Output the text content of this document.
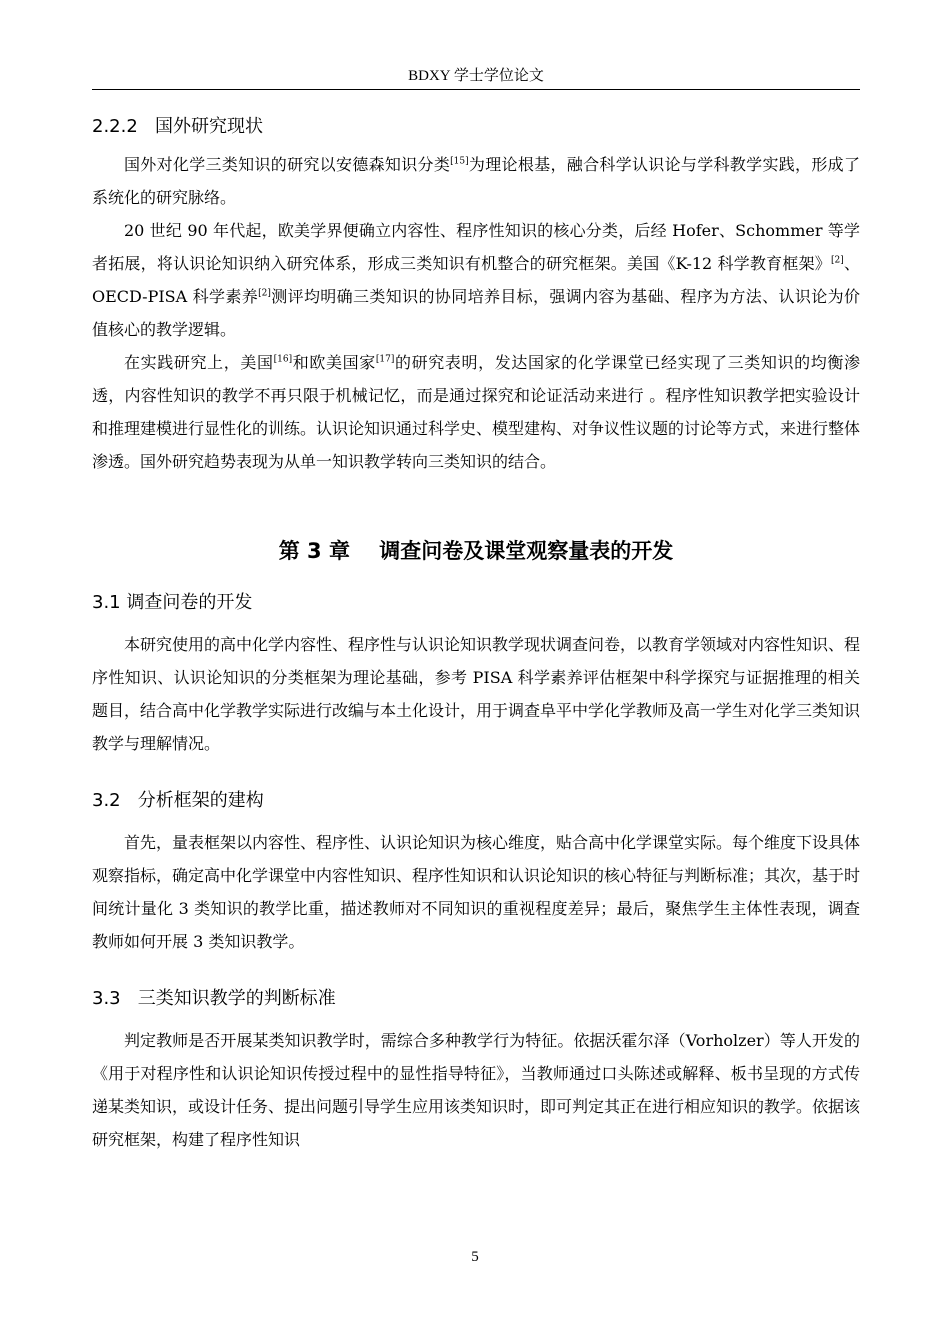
BDXY 学士学位论文
2.2.2   国外研究现状

国外对化学三类知识的研究以安德森知识分类[15]为理论根基，融合科学认识论与学科教学实践，形成了系统化的研究脉络。

20 世纪 90 年代起，欧美学界便确立内容性、程序性知识的核心分类，后经 Hofer、Schommer 等学者拓展，将认识论知识纳入研究体系，形成三类知识有机整合的研究框架。美国《K-12 科学教育框架》[2]、OECD-PISA 科学素养[2]测评均明确三类知识的协同培养目标，强调内容为基础、程序为方法、认识论为价值核心的教学逻辑。

在实践研究上，美国[16]和欧美国家[17]的研究表明，发达国家的化学课堂已经实现了三类知识的均衡渗透，内容性知识的教学不再只限于机械记忆，而是通过探究和论证活动来进行 。程序性知识教学把实验设计和推理建模进行显性化的训练。认识论知识通过科学史、模型建构、对争议性议题的讨论等方式，来进行整体渗透。国外研究趋势表现为从单一知识教学转向三类知识的结合。

第 3 章    调查问卷及课堂观察量表的开发
3.1 调查问卷的开发

本研究使用的高中化学内容性、程序性与认识论知识教学现状调查问卷，以教育学领域对内容性知识、程序性知识、认识论知识的分类框架为理论基础，参考 PISA 科学素养评估框架中科学探究与证据推理的相关题目，结合高中化学教学实际进行改编与本土化设计，用于调查阜平中学化学教师及高一学生对化学三类知识教学与理解情况。

3.2   分析框架的建构

首先，量表框架以内容性、程序性、认识论知识为核心维度，贴合高中化学课堂实际。每个维度下设具体观察指标，确定高中化学课堂中内容性知识、程序性知识和认识论知识的核心特征与判断标准；其次，基于时间统计量化 3 类知识的教学比重，描述教师对不同知识的重视程度差异；最后，聚焦学生主体性表现，调查教师如何开展 3 类知识教学。

3.3   三类知识教学的判断标准

判定教师是否开展某类知识教学时，需综合多种教学行为特征。依据沃霍尔泽（Vorholzer）等人开发的《用于对程序性和认识论知识传授过程中的显性指导特征》，当教师通过口头陈述或解释、板书呈现的方式传递某类知识，或设计任务、提出问题引导学生应用该类知识时，即可判定其正在进行相应知识的教学。依据该研究框架，构建了程序性知识

5
